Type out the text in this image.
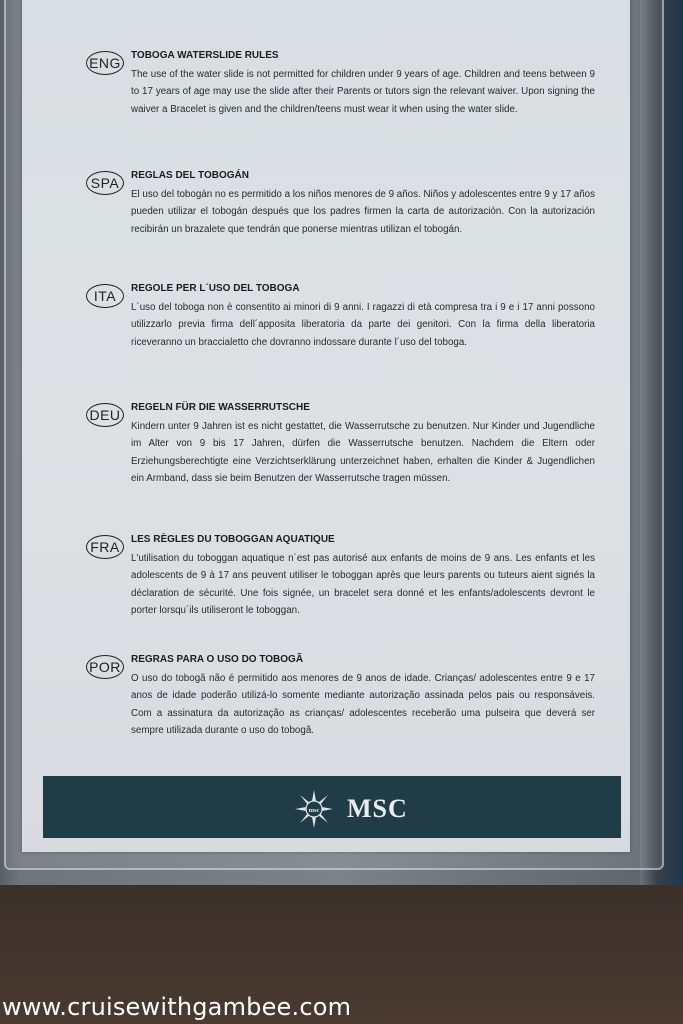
ENG	TOBOGA WATERSLIDE RULES
The use of the water slide is not permitted for children under 9 years of age. Children and teens between 9 to 17 years of age may use the slide after their Parents or tutors sign the relevant waiver. Upon signing the waiver a Bracelet is given and the children/teens must wear it when using the water slide.
SPA	REGLAS DEL TOBOGÁN
El uso del tobogán no es permitido a los niños menores de 9 años. Niños y adolescentes entre 9 y 17 años pueden utilizar el tobogán después que los padres firmen la carta de autorización. Con la autorización recibirán un brazalete que tendrán que ponerse mientras utilizan el tobogán.
ITA	REGOLE PER L´USO DEL TOBOGA
L´uso del toboga non è consentito ai minori di 9 anni. I ragazzi di età compresa tra i 9 e i 17 anni possono utilizzarlo previa firma dell´apposita liberatoria da parte dei genitori. Con la firma della liberatoria riceveranno un braccialetto che dovranno indossare durante l´uso del toboga.
DEU	REGELN FÜR DIE WASSERRUTSCHE
Kindern unter 9 Jahren ist es nicht gestattet, die Wasserrutsche zu benutzen. Nur Kinder und Jugendliche im Alter von 9 bis 17 Jahren, dürfen die Wasserrutsche benutzen. Nachdem die Eltern oder Erziehungsberechtigte eine Verzichtserklärung unterzeichnet haben, erhalten die Kinder & Jugendlichen ein Armband, dass sie beim Benutzen der Wasserrutsche tragen müssen.
FRA	LES RÈGLES DU TOBOGGAN AQUATIQUE
L'utilisation du toboggan aquatique n´est pas autorisé aux enfants de moins de 9 ans. Les enfants et les adolescents de 9 à 17 ans peuvent utiliser le toboggan après que leurs parents ou tuteurs aient signés la déclaration de sécurité. Une fois signée, un bracelet sera donné et les enfants/adolescents devront le porter lorsqu´ils utiliseront le toboggan.
POR	REGRAS PARA O USO DO TOBOGÃ
O uso do tobogã não é permitido aos menores de 9 anos de idade. Crianças/ adolescentes entre 9 e 17 anos de idade poderão utilizá-lo somente mediante autorização assinada pelos pais ou responsáveis. Com a assinatura da autorização as crianças/ adolescentes receberão uma pulseira que deverá ser sempre utilizada durante o uso do tobogã.
msc MSC
www.cruisewithgambee.com
